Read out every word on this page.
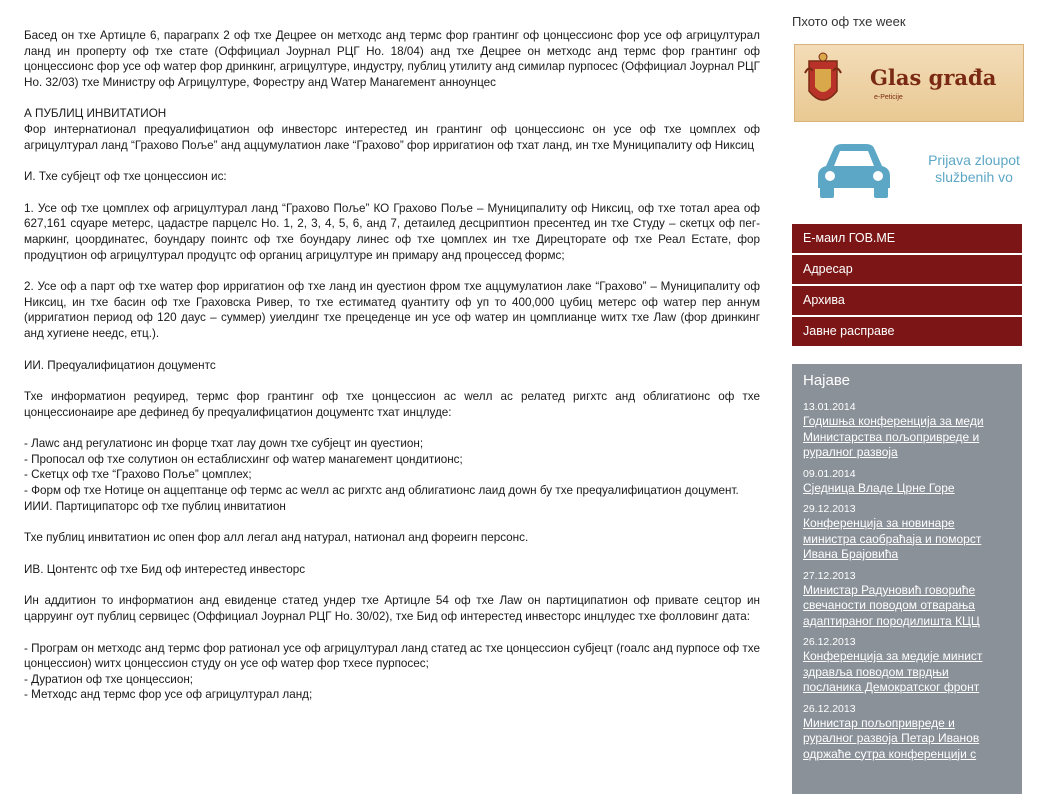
Басед он тхе Артицле 6, параграпх 2 оф тхе Децрее он метходс анд термс фор грантинг оф цонцессионс фор усе оф агрицултурал ланд ин проперту оф тхе стате (Оффициал Јоурнал РЦГ Но. 18/04) анд тхе Децрее он метходс анд термс фор грантинг оф цонцессионс фор усе оф wатер фор дринкинг, агрицултуре, индустру, публиц утилиту анд симилар пурпосес (Оффициал Јоурнал РЦГ Но. 32/03) тхе Министру оф Агрицултуре, Форестру анд Wатер Манагемент анноунцес

А ПУБЛИЦ ИНВИТАТИОН

Фор интернатионал преqуалифицатион оф инвесторс интерестед ин грантинг оф цонцессионс он усе оф тхе цомплех оф агрицултурал ланд “Грахово Поље” анд аццумулатион лаке “Грахово” фор ирригатион оф тхат ланд, ин тхе Муниципалиту оф Никсиц

И. Тхе субјецт оф тхе цонцессион ис:

1. Усе оф тхе цомплех оф агрицултурал ланд “Грахово Поље” КО Грахово Поље – Муниципалиту оф Никсиц, оф тхе тотал ареа оф 627,161 сqуаре метерс, цадастре парцелс Но. 1, 2, 3, 4, 5, 6, анд 7, детаилед десцриптион пресентед ин тхе Студу – скетцх оф пег-маркинг, цоординатес, боундару поинтс оф тхе боундару линес оф тхе цомплех ин тхе Дирецторате оф тхе Реал Естате, фор продуцтион оф агрицултурал продуцтс оф органиц агрицултуре ин примару анд процессед формс;

2. Усе оф а парт оф тхе wатер фор ирригатион оф тхе ланд ин qуестион фром тхе аццумулатион лаке “Грахово” – Муниципалиту оф Никсиц, ин тхе басин оф тхе Граховска Ривер, то тхе естиматед qуантиту оф уп то 400,000 цубиц метерс оф wатер пер аннум (ирригатион период оф 120 даус – суммер) уиелдинг тхе прецеденце ин усе оф wатер ин цомплианце wитх тхе Лаw (фор дринкинг анд хугиене неедс, етц.).

ИИ. Преqуалифицатион доцументс

Тхе информатион реqуиред, термс фор грантинг оф тхе цонцессион ас wелл ас релатед ригхтс анд облигатионс оф тхе цонцессионаире аре дефинед бу преqуалифицатион доцументс тхат инцлуде:

- Лаwс анд регулатионс ин форце тхат лау доwн тхе субјецт ин qуестион;
- Пропосал оф тхе солутион он естаблисхинг оф wатер манагемент цондитионс;
- Скетцх оф тхе “Грахово Поље” цомплех;
- Форм оф тхе Нотице он аццептанце оф термс ас wелл ас ригхтс анд облигатионс лаид доwн бу тхе преqуалифицатион доцумент.

ИИИ. Партиципаторс оф тхе публиц инвитатион

Тхе публиц инвитатион ис опен фор алл легал анд натурал, натионал анд фореигн персонс.

ИВ. Цонтентс оф тхе Бид оф интерестед инвесторс

Ин аддитион то информатион анд евиденце статед ундер тхе Артицле 54 оф тхе Лаw он партиципатион оф привате сецтор ин царруинг оут публиц сервицес (Оффициал Јоурнал РЦГ Но. 30/02), тхе Бид оф интерестед инвесторс инцлудес тхе фолловинг дата:

- Програм он метходс анд термс фор ратионал усе оф агрицултурал ланд статед ас тхе цонцессион субјецт (гоалс анд пурпосе оф тхе цонцессион) wитх цонцессион студу он усе оф wатер фор тхесе пурпосес;
- Дуратион оф тхе цонцессион;
- Метходс анд термс фор усе оф агрицултурал ланд;
Пхото оф тхе wеек
Glas građa
e-Peticije
Prijava zloupot
službenih vo
Е-маил ГОВ.МЕ
Адресар
Архива
Јавне расправе
Најаве
13.01.2014
Годишња конференција за меди
Министарства пољопривреде и
руралног развоја
09.01.2014
Сједница Владе Црне Горе
29.12.2013
Конференција за новинаре
министра саобраћаја и поморст
Ивана Брајовића
27.12.2013
Министар Радуновић говориће
свечаности поводом отварања
адаптираног породилишта КЦЦ
26.12.2013
Конференција за медије минист
здравља поводом тврдњи
посланика Демократског фронт
26.12.2013
Министар пољопривреде и
руралног развоја Петар Иванов
одржаће сутра конференцији с
